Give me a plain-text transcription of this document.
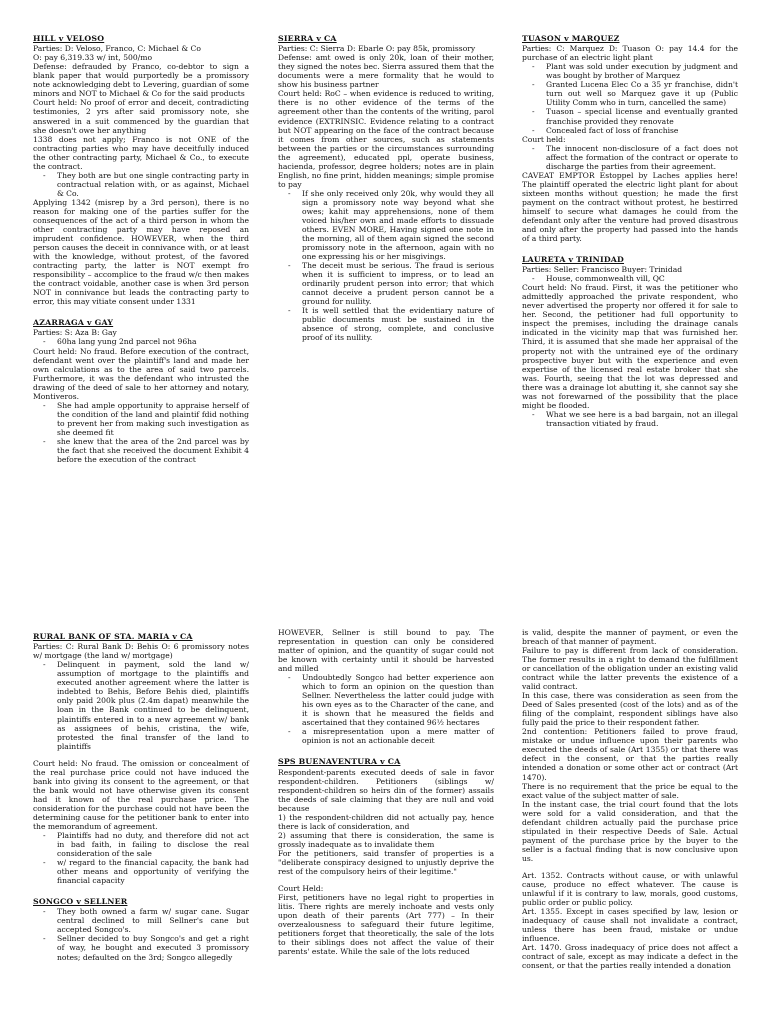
HILL v VELOSO

Parties: D: Veloso, Franco, C: Michael & Co

O: pay 6,319.33 w/ int, 500/mo

Defense: defrauded by Franco, co-debtor to sign a blank paper that would purportedly be a promissory note acknowledging debt to Levering, guardian of some minors and NOT to Michael & Co for the said products

Court held: No proof of error and deceit, contradicting testimonies, 2 yrs after said promissory note, she answered in a suit commenced by the guardian that she doesn't owe her anything

1338 does not apply; Franco is not ONE of the contracting parties who may have deceitfully induced the other contracting party, Michael & Co., to execute the contract.

- They both are but one single contracting party in contractual relation with, or as against, Michael & Co.

Applying 1342 (misrep by a 3rd person), there is no reason for making one of the parties suffer for the consequences of the act of a third person in whom the other contracting party may have reposed an imprudent confidence. HOWEVER, when the third person causes the deceit in connivance with, or at least with the knowledge, without protest, of the favored contracting party, the latter is NOT exempt fro responsibility – accomplice to the fraud w/c then makes the contract voidable, another case is when 3rd person NOT in connivance but leads the contracting party to error, this may vitiate consent under 1331

AZARRAGA v GAY

Parties: S: Aza B: Gay

- 60ha lang yung 2nd parcel not 96ha

Court held: No fraud. Before execution of the contract, defendant went over the plaintiff's land and made her own calculations as to the area of said two parcels. Furthermore, it was the defendant who intrusted the drawing of the deed of sale to her attorney and notary, Montiveros.

- She had ample opportunity to appraise herself of the condition of the land and plaintif fdid nothing to prevent her from making such investigation as she deemed fit
- she knew that the area of the 2nd parcel was by the fact that she received the document Exhibit 4 before the execution of the contract
SIERRA v CA

Parties: C: Sierra D: Ebarle O: pay 85k, promissory

Defense: amt owed is only 20k, loan of their mother, they signed the notes bec. Sierra assured them that the documents were a mere formality that he would to show his business partner

Court held: RoC – when evidence is reduced to writing, there is no other evidence of the terms of the agreement other than the contents of the writing, parol evidence (EXTRINSIC. Evidence relating to a contract but NOT appearing on the face of the contract because it comes from other sources, such as statements between the parties or the circumstances surrounding the agreement), educated ppl, operate business, hacienda, professor, degree holders; notes are in plain English, no fine print, hidden meanings; simple promise to pay

- If she only received only 20k, why would they all sign a promissory note way beyond what she owes; kahit may apprehensions, none of them voiced his/her own and made efforts to dissuade others. EVEN MORE, Having signed one note in the morning, all of them again signed the second promissory note in the afternoon, again with no one expressing his or her misgivings.
- The deceit must be serious. The fraud is serious when it is sufficient to impress, or to lead an ordinarily prudent person into error; that which cannot deceive a prudent person cannot be a ground for nullity.
- It is well settled that the evidentiary nature of public documents must be sustained in the absence of strong, complete, and conclusive proof of its nullity.
TUASON v MARQUEZ

Parties: C: Marquez D: Tuason O: pay 14.4 for the purchase of an electric light plant

- Plant was sold under execution by judgment and was bought by brother of Marquez
- Granted Lucena Elec Co a 35 yr franchise, didn't turn out well so Marquez gave it up (Public Utility Comm who in turn, cancelled the same)
- Tuason – special license and eventually granted franchise provided they renovate
- Concealed fact of loss of franchise

Court held:

- The innocent non-disclosure of a fact does not affect the formation of the contract or operate to discharge the parties from their agreement.

CAVEAT EMPTOR Estoppel by Laches applies here! The plaintiff operated the electric light plant for about sixteen months without question; he made the first payment on the contract without protest, he bestirred himself to secure what damages he could from the defendant only after the venture had proved disastrous and only after the property had passed into the hands of a third party.

LAURETA v TRINIDAD

Parties: Seller: Francisco Buyer: Trinidad

- House, commonwealth vill, QC

Court held: No fraud. First, it was the petitioner who admittedly approached the private respondent, who never advertised the property nor offered it for sale to her. Second, the petitioner had full opportunity to inspect the premises, including the drainage canals indicated in the vicinity map that was furnished her. Third, it is assumed that she made her appraisal of the property not with the untrained eye of the ordinary prospective buyer but with the experience and even expertise of the licensed real estate broker that she was. Fourth, seeing that the lot was depressed and there was a drainage lot abutting it, she cannot say she was not forewarned of the possibility that the place might be flooded.

- What we see here is a bad bargain, not an illegal transaction vitiated by fraud.
RURAL BANK OF STA. MARIA v CA

Parties: C: Rural Bank D: Behis O: 6 promissory notes w/ mortgage (the land w/ mortgage)

- Delinquent in payment, sold the land w/ assumption of mortgage to the plaintiffs and executed another agreement where the latter is indebted to Behis, Before Behis died, plaintiffs only paid 200k plus (2.4m dapat) meanwhile the loan in the Bank continued to be delinquent, plaintiffs entered in to a new agreement w/ bank as assignees of behis, cristina, the wife, protested the final transfer of the land to plaintiffs

Court held: No fraud. The omission or concealment of the real purchase price could not have induced the bank into giving its consent to the agreement, or that the bank would not have otherwise given its consent had it known of the real purchase price. The consideration for the purchase could not have been the determining cause for the petitioner bank to enter into the memorandum of agreement.

- Plaintiffs had no duty, and therefore did not act in bad faith, in failing to disclose the real consideration of the sale
- w/ regard to the financial capacity, the bank had other means and opportunity of verifying the financial capacity
SONGCO v SELLNER
- They both owned a farm w/ sugar cane. Sugar central declined to mill Sellner's cane but accepted Songco's.
- Sellner decided to buy Songco's and get a right of way, he bought and executed 3 promissory notes; defaulted on the 3rd; Songco allegedly

HOWEVER, Sellner is still bound to pay. The representation in question can only be considered matter of opinion, and the quantity of sugar could not be known with certainty until it should be harvested and milled

- Undoubtedly Songco had better experience aon which to form an opinion on the question than Sellner. Nevertheless the latter could judge with his own eyes as to the Character of the cane, and it is shown that he measured the fields and ascertained that they contained 96½ hectares
- a misrepresentation upon a mere matter of opinion is not an actionable deceit
SPS BUENAVENTURA v CA

Respondent-parents executed deeds of sale in favor respondent-children. Petitioners (siblings w/ respondent-children so heirs din of the former) assails the deeds of sale claiming that they are null and void because

1) the respondent-children did not actually pay, hence there is lack of consideration, and

2) assuming that there is consideration, the same is grossly inadequate as to invalidate them

For the petitioners, said transfer of properties is a "deliberate conspiracy designed to unjustly deprive the rest of the compulsory heirs of their legitime."

Court Held:

First, petitioners have no legal right to properties in litis. There rights are merely inchoate and vests only upon death of their parents (Art 777) – In their overzealousness to safeguard their future legitime, petitioners forget that theoretically, the sale of the lots to their siblings does not affect the value of their parents' estate. While the sale of the lots reduced

is valid, despite the manner of payment, or even the breach of that manner of payment.

Failure to pay is different from lack of consideration. The former results in a right to demand the fulfillment or cancellation of the obligation under an existing valid contract while the latter prevents the existence of a valid contract.

In this case, there was consideration as seen from the Deed of Sales presented (cost of the lots) and as of the filing of the complaint, respondent siblings have also fully paid the price to their respondent father.

2nd contention: Petitioners failed to prove fraud, mistake or undue influence upon their parents who executed the deeds of sale (Art 1355) or that there was defect in the consent, or that the parties really intended a donation or some other act or contract (Art 1470).

There is no requirement that the price be equal to the exact value of the subject matter of sale.

In the instant case, the trial court found that the lots were sold for a valid consideration, and that the defendant children actually paid the purchase price stipulated in their respective Deeds of Sale. Actual payment of the purchase price by the buyer to the seller is a factual finding that is now conclusive upon us.

Art. 1352. Contracts without cause, or with unlawful cause, produce no effect whatever. The cause is unlawful if it is contrary to law, morals, good customs, public order or public policy.

Art. 1355. Except in cases specified by law, lesion or inadequacy of cause shall not invalidate a contract, unless there has been fraud, mistake or undue influence.

Art. 1470. Gross inadequacy of price does not affect a contract of sale, except as may indicate a defect in the consent, or that the parties really intended a donation
